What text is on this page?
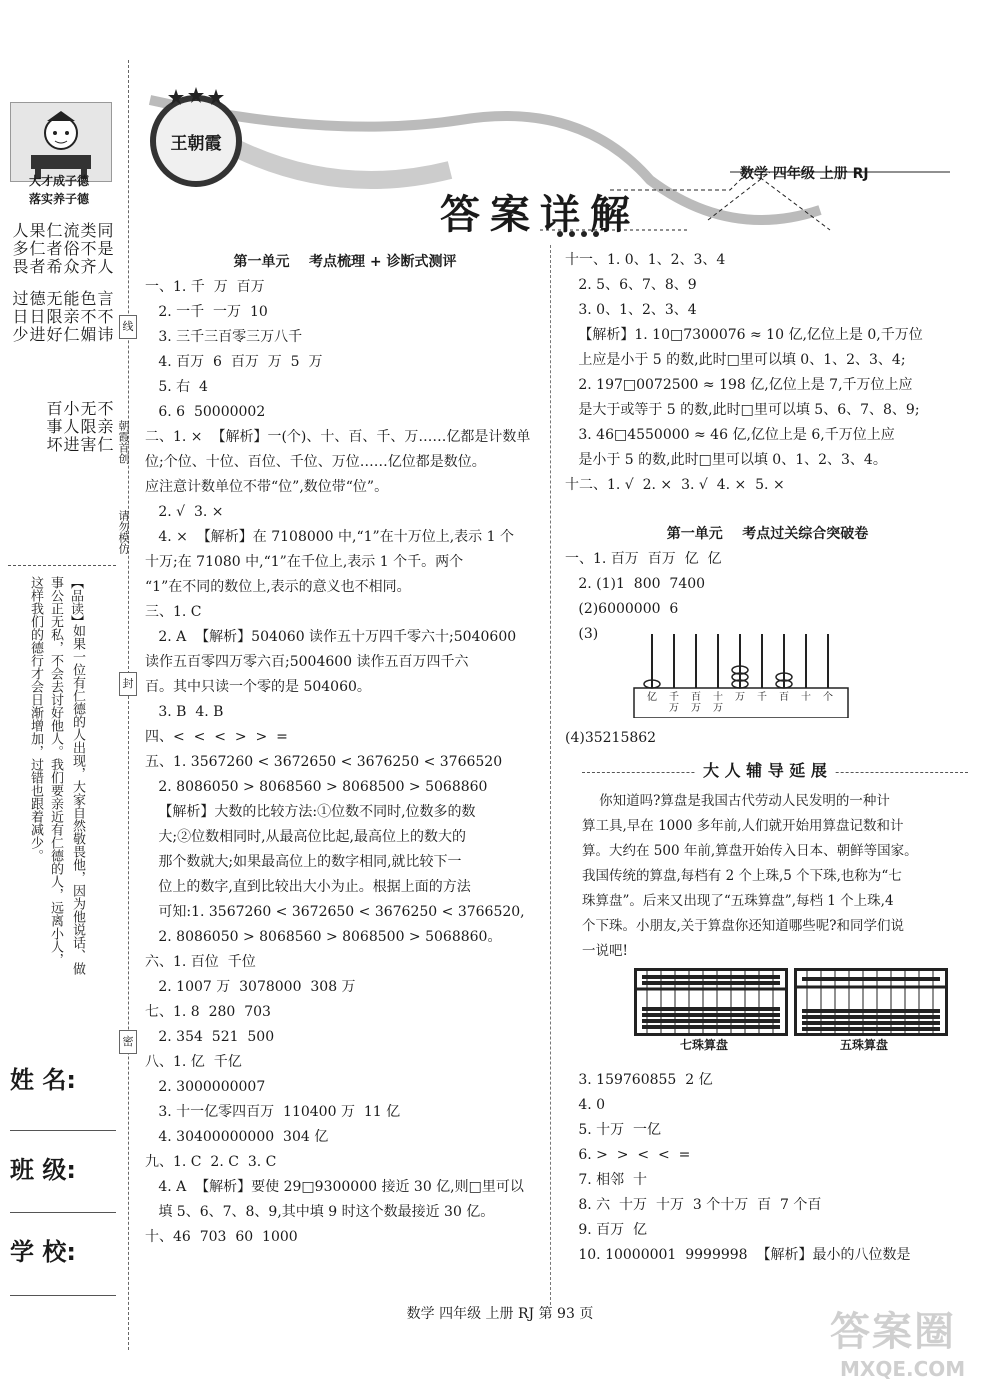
大才成子德
落实养子德
同是人
类不齐
流俗众
仁者希
果仁者
人多畏
言不讳
色不媚
能亲仁
无限好
德日进
过日少
不亲仁
无限害
小人进
百事坏
【品读】
如果一位有仁德的人出现，大家自然敬畏他，因为他说话、做
事公正无私，不会去讨好他人。我们要亲近有仁德的人，远离小人，
这样我们的德行才会日渐增加，过错也跟着减少。
姓 名:
班 级:
学 校:
线
封
密
朝霞首创
请勿模仿
王朝霞
答案详解
数学 四年级 上册 RJ
第一单元    考点梳理 + 诊断式测评
一、1. 千  万  百万
2. 一千  一万  10
3. 三千三百零三万八千
4. 百万  6  百万  万  5  万
5. 右  4
6. 6  50000002
二、1. ×  【解析】一(个)、十、百、千、万……亿都是计数单
位;个位、十位、百位、千位、万位……亿位都是数位。
应注意计数单位不带“位”,数位带“位”。
2. √  3. ×
4. ×  【解析】在 7108000 中,“1”在十万位上,表示 1 个
十万;在 71080 中,“1”在千位上,表示 1 个千。两个
“1”在不同的数位上,表示的意义也不相同。
三、1. C
2. A  【解析】504060 读作五十万四千零六十;5040600
读作五百零四万零六百;5004600 读作五百万四千六
百。其中只读一个零的是 504060。
3. B  4. B
四、<  <  <  >  >  =
五、1. 3567260 < 3672650 < 3676250 < 3766520
2. 8086050 > 8068560 > 8068500 > 5068860
【解析】大数的比较方法:①位数不同时,位数多的数
大;②位数相同时,从最高位比起,最高位上的数大的
那个数就大;如果最高位上的数字相同,就比较下一
位上的数字,直到比较出大小为止。根据上面的方法
可知:1. 3567260 < 3672650 < 3676250 < 3766520,
2. 8086050 > 8068560 > 8068500 > 5068860。
六、1. 百位  千位
2. 1007 万  3078000  308 万
七、1. 8  280  703
2. 354  521  500
八、1. 亿  千亿
2. 3000000007
3. 十一亿零四百万  110400 万  11 亿
4. 30400000000  304 亿
九、1. C  2. C  3. C
4. A  【解析】要使 29□9300000 接近 30 亿,则□里可以
填 5、6、7、8、9,其中填 9 时这个数最接近 30 亿。
十、46  703  60  1000
十一、1. 0、1、2、3、4
2. 5、6、7、8、9
3. 0、1、2、3、4
【解析】1. 10□7300076 ≈ 10 亿,亿位上是 0,千万位
上应是小于 5 的数,此时□里可以填 0、1、2、3、4;
2. 197□0072500 ≈ 198 亿,亿位上是 7,千万位上应
是大于或等于 5 的数,此时□里可以填 5、6、7、8、9;
3. 46□4550000 ≈ 46 亿,亿位上是 6,千万位上应
是小于 5 的数,此时□里可以填 0、1、2、3、4。
十二、1. √  2. ×  3. √  4. ×  5. ×
第一单元    考点过关综合突破卷
一、1. 百万  百万  亿  亿
2. (1)1  800  7400
(2)6000000  6
(3)
亿 千万
百万
十万
万 千 百 十 个
(4)35215862
大 人 辅 导 延 展
你知道吗?算盘是我国古代劳动人民发明的一种计
算工具,早在 1000 多年前,人们就开始用算盘记数和计
算。大约在 500 年前,算盘开始传入日本、朝鲜等国家。
我国传统的算盘,每档有 2 个上珠,5 个下珠,也称为“七
珠算盘”。后来又出现了“五珠算盘”,每档 1 个上珠,4
个下珠。小朋友,关于算盘你还知道哪些呢?和同学们说
一说吧!
七珠算盘	五珠算盘
3. 159760855  2 亿
4. 0
5. 十万  一亿
6. >  >  <  <  =
7. 相邻  十
8. 六  十万  十万  3 个十万  百  7 个百
9. 百万  亿
10. 10000001  9999998  【解析】最小的八位数是
数学 四年级 上册 RJ 第 93 页	答案圈
MXQE.COM
